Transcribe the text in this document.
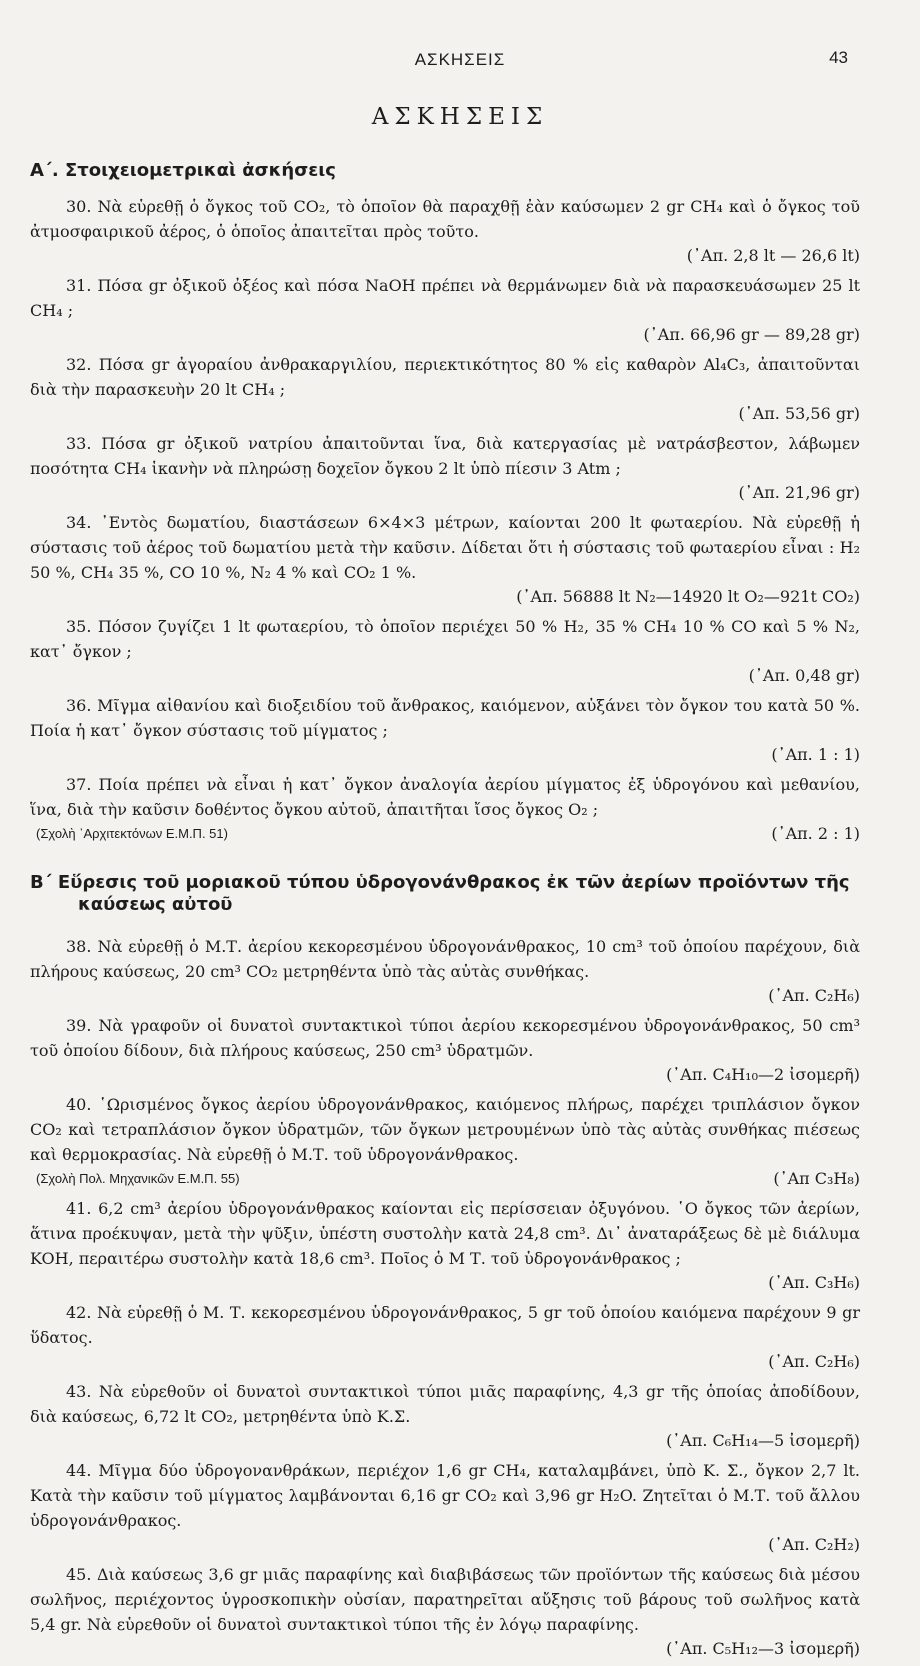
ΑΣΚΗΣΕΙΣ	43
ΑΣΚΗΣΕΙΣ
Α΄. Στοιχειομετρικαὶ ἀσκήσεις

30. Νὰ εὑρεθῇ ὁ ὄγκος τοῦ CO₂, τὸ ὁποῖον θὰ παραχθῇ ἐὰν καύσωμεν 2 gr CH₄ καὶ ὁ ὄγκος τοῦ ἀτμοσφαιρικοῦ ἀέρος, ὁ ὁποῖος ἀπαιτεῖται πρὸς τοῦτο.

(᾿Απ. 2,8 lt — 26,6 lt)

31. Πόσα gr ὀξικοῦ ὀξέος καὶ πόσα NaOH πρέπει νὰ θερμάνωμεν διὰ νὰ παρασκευάσωμεν 25 lt CH₄ ;

(᾿Απ. 66,96 gr — 89,28 gr)

32. Πόσα gr ἀγοραίου ἀνθρακαργιλίου, περιεκτικότητος 80 % εἰς καθαρὸν Al₄C₃, ἀπαιτοῦνται διὰ τὴν παρασκευὴν 20 lt CH₄ ;

(᾿Απ. 53,56 gr)

33. Πόσα gr ὀξικοῦ νατρίου ἀπαιτοῦνται ἵνα, διὰ κατεργασίας μὲ νατράσβεστον, λάβωμεν ποσότητα CH₄ ἱκανὴν νὰ πληρώσῃ δοχεῖον ὄγκου 2 lt ὑπὸ πίεσιν 3 Atm ;

(᾿Απ. 21,96 gr)

34. ᾿Εντὸς δωματίου, διαστάσεων 6×4×3 μέτρων, καίονται 200 lt φωταερίου. Νὰ εὑρεθῇ ἡ σύστασις τοῦ ἀέρος τοῦ δωματίου μετὰ τὴν καῦσιν. Δίδεται ὅτι ἡ σύστασις τοῦ φωταερίου εἶναι : H₂ 50 %, CH₄ 35 %, CO 10 %, N₂ 4 % καὶ CO₂ 1 %.

(᾿Απ. 56888 lt N₂—14920 lt O₂—921t CO₂)

35. Πόσον ζυγίζει 1 lt φωταερίου, τὸ ὁποῖον περιέχει 50 % H₂, 35 % CH₄ 10 % CO καὶ 5 % N₂, κατ᾿ ὄγκον ;

(᾿Απ. 0,48 gr)

36. Μῖγμα αἰθανίου καὶ διοξειδίου τοῦ ἄνθρακος, καιόμενον, αὐξάνει τὸν ὄγκον του κατὰ 50 %. Ποία ἡ κατ᾿ ὄγκον σύστασις τοῦ μίγματος ;

(᾿Απ. 1 : 1)

37. Ποία πρέπει νὰ εἶναι ἡ κατ᾿ ὄγκον ἀναλογία ἀερίου μίγματος ἐξ ὑδρογόνου καὶ μεθανίου, ἵνα, διὰ τὴν καῦσιν δοθέντος ὄγκου αὐτοῦ, ἀπαιτῆται ἴσος ὄγκος O₂ ;

(Σχολὴ ᾿Αρχιτεκτόνων Ε.Μ.Π. 51)	(᾿Απ. 2 : 1)

Β΄ Εὕρεσις τοῦ μοριακοῦ τύπου ὑδρογονάνθρακος ἐκ τῶν ἀερίων προϊόντων τῆς
καύσεως αὐτοῦ

38. Νὰ εὑρεθῇ ὁ Μ.Τ. ἀερίου κεκορεσμένου ὑδρογονάνθρακος, 10 cm³ τοῦ ὁποίου παρέχουν, διὰ πλήρους καύσεως, 20 cm³ CO₂ μετρηθέντα ὑπὸ τὰς αὐτὰς συνθήκας.

(᾿Απ. C₂H₆)

39. Νὰ γραφοῦν οἱ δυνατοὶ συντακτικοὶ τύποι ἀερίου κεκορεσμένου ὑδρογονάνθρακος, 50 cm³ τοῦ ὁποίου δίδουν, διὰ πλήρους καύσεως, 250 cm³ ὑδρατμῶν.

(᾿Απ. C₄H₁₀—2 ἰσομερῆ)

40. ῾Ωρισμένος ὄγκος ἀερίου ὑδρογονάνθρακος, καιόμενος πλήρως, παρέχει τριπλάσιον ὄγκον CO₂ καὶ τετραπλάσιον ὄγκον ὑδρατμῶν, τῶν ὄγκων μετρουμένων ὑπὸ τὰς αὐτὰς συνθήκας πιέσεως καὶ θερμοκρασίας. Νὰ εὑρεθῇ ὁ Μ.Τ. τοῦ ὑδρογονάνθρακος.

(Σχολὴ Πολ. Μηχανικῶν Ε.Μ.Π. 55)	(᾿Απ C₃H₈)

41. 6,2 cm³ ἀερίου ὑδρογονάνθρακος καίονται εἰς περίσσειαν ὀξυγόνου. ῾Ο ὄγκος τῶν ἀερίων, ἅτινα προέκυψαν, μετὰ τὴν ψῦξιν, ὑπέστη συστολὴν κατὰ 24,8 cm³. Δι᾿ ἀναταράξεως δὲ μὲ διάλυμα KOH, περαιτέρω συστολὴν κατὰ 18,6 cm³. Ποῖος ὁ Μ Τ. τοῦ ὑδρογονάνθρακος ;

(᾿Απ. C₃H₆)

42. Νὰ εὑρεθῇ ὁ Μ. Τ. κεκορεσμένου ὑδρογονάνθρακος, 5 gr τοῦ ὁποίου καιόμενα παρέχουν 9 gr ὕδατος.

(᾿Απ. C₂H₆)

43. Νὰ εὑρεθοῦν οἱ δυνατοὶ συντακτικοὶ τύποι μιᾶς παραφίνης, 4,3 gr τῆς ὁποίας ἀποδίδουν, διὰ καύσεως, 6,72 lt CO₂, μετρηθέντα ὑπὸ Κ.Σ.

(᾿Απ. C₆H₁₄—5 ἰσομερῆ)

44. Μῖγμα δύο ὑδρογονανθράκων, περιέχον 1,6 gr CH₄, καταλαμβάνει, ὑπὸ Κ. Σ., ὄγκον 2,7 lt. Κατὰ τὴν καῦσιν τοῦ μίγματος λαμβάνονται 6,16 gr CO₂ καὶ 3,96 gr H₂O. Ζητεῖται ὁ Μ.Τ. τοῦ ἄλλου ὑδρογονάνθρακος.

(᾿Απ. C₂H₂)

45. Διὰ καύσεως 3,6 gr μιᾶς παραφίνης καὶ διαβιβάσεως τῶν προϊόντων τῆς καύσεως διὰ μέσου σωλῆνος, περιέχοντος ὑγροσκοπικὴν οὐσίαν, παρατηρεῖται αὔξησις τοῦ βάρους τοῦ σωλῆνος κατὰ 5,4 gr. Νὰ εὑρεθοῦν οἱ δυνατοὶ συντακτικοὶ τύποι τῆς ἐν λόγῳ παραφίνης.

(᾿Απ. C₅H₁₂—3 ἰσομερῆ)
